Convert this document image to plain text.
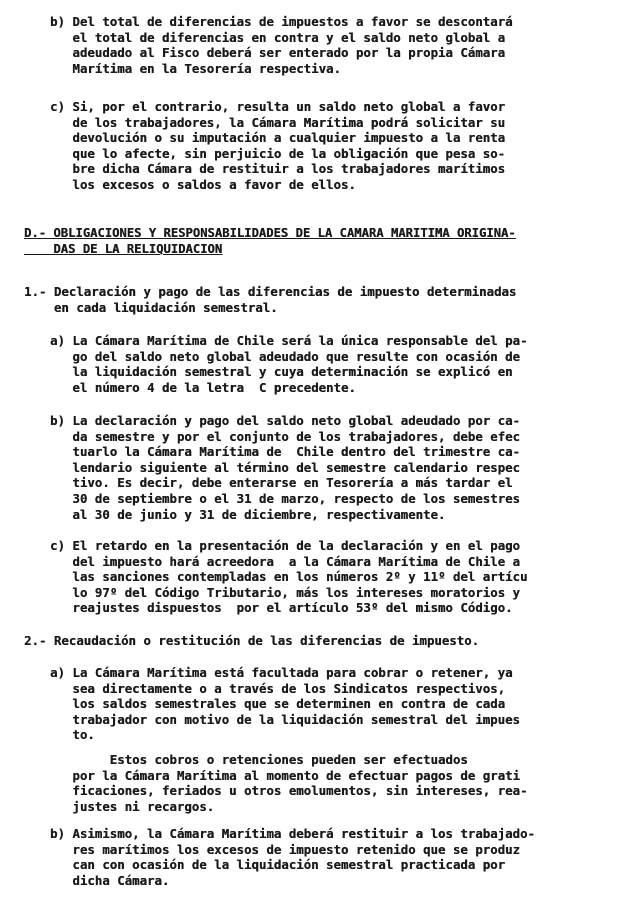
b) Del total de diferencias de impuestos a favor se descontará
el total de diferencias en contra y el saldo neto global a
adeudado al Fisco deberá ser enterado por la propia Cámara
Marítima en la Tesorería respectiva.
c) Si, por el contrario, resulta un saldo neto global a favor
de los trabajadores, la Cámara Marítima podrá solicitar su
devolución o su imputación a cualquier impuesto a la renta
que lo afecte, sin perjuicio de la obligación que pesa so-
bre dicha Cámara de restituir a los trabajadores marítimos
los excesos o saldos a favor de ellos.
D.- OBLIGACIONES Y RESPONSABILIDADES DE LA CAMARA MARITIMA ORIGINA-
DAS DE LA RELIQUIDACION
1.- Declaración y pago de las diferencias de impuesto determinadas
en cada liquidación semestral.
a) La Cámara Marítima de Chile será la única responsable del pa-
go del saldo neto global adeudado que resulte con ocasión de
la liquidación semestral y cuya determinación se explicó en
el número 4 de la letra  C precedente.
b) La declaración y pago del saldo neto global adeudado por ca-
da semestre y por el conjunto de los trabajadores, debe efec
tuarlo la Cámara Marítima de  Chile dentro del trimestre ca-
lendario siguiente al término del semestre calendario respec
tivo. Es decir, debe enterarse en Tesorería a más tardar el
30 de septiembre o el 31 de marzo, respecto de los semestres
al 30 de junio y 31 de diciembre, respectivamente.
c) El retardo en la presentación de la declaración y en el pago
del impuesto hará acreedora  a la Cámara Marítima de Chile a
las sanciones contempladas en los números 2º y 11º del artícu
lo 97º del Código Tributario, más los intereses moratorios y
reajustes dispuestos  por el artículo 53º del mismo Código.
2.- Recaudación o restitución de las diferencias de impuesto.
a) La Cámara Marítima está facultada para cobrar o retener, ya
sea directamente o a través de los Sindicatos respectivos,
los saldos semestrales que se determinen en contra de cada
trabajador con motivo de la liquidación semestral del impues
to.
Estos cobros o retenciones pueden ser efectuados
por la Cámara Marítima al momento de efectuar pagos de grati
ficaciones, feriados u otros emolumentos, sin intereses, rea-
justes ni recargos.
b) Asimismo, la Cámara Marítima deberá restituir a los trabajado-
res marítimos los excesos de impuesto retenido que se produz
can con ocasión de la liquidación semestral practicada por
dicha Cámara.
